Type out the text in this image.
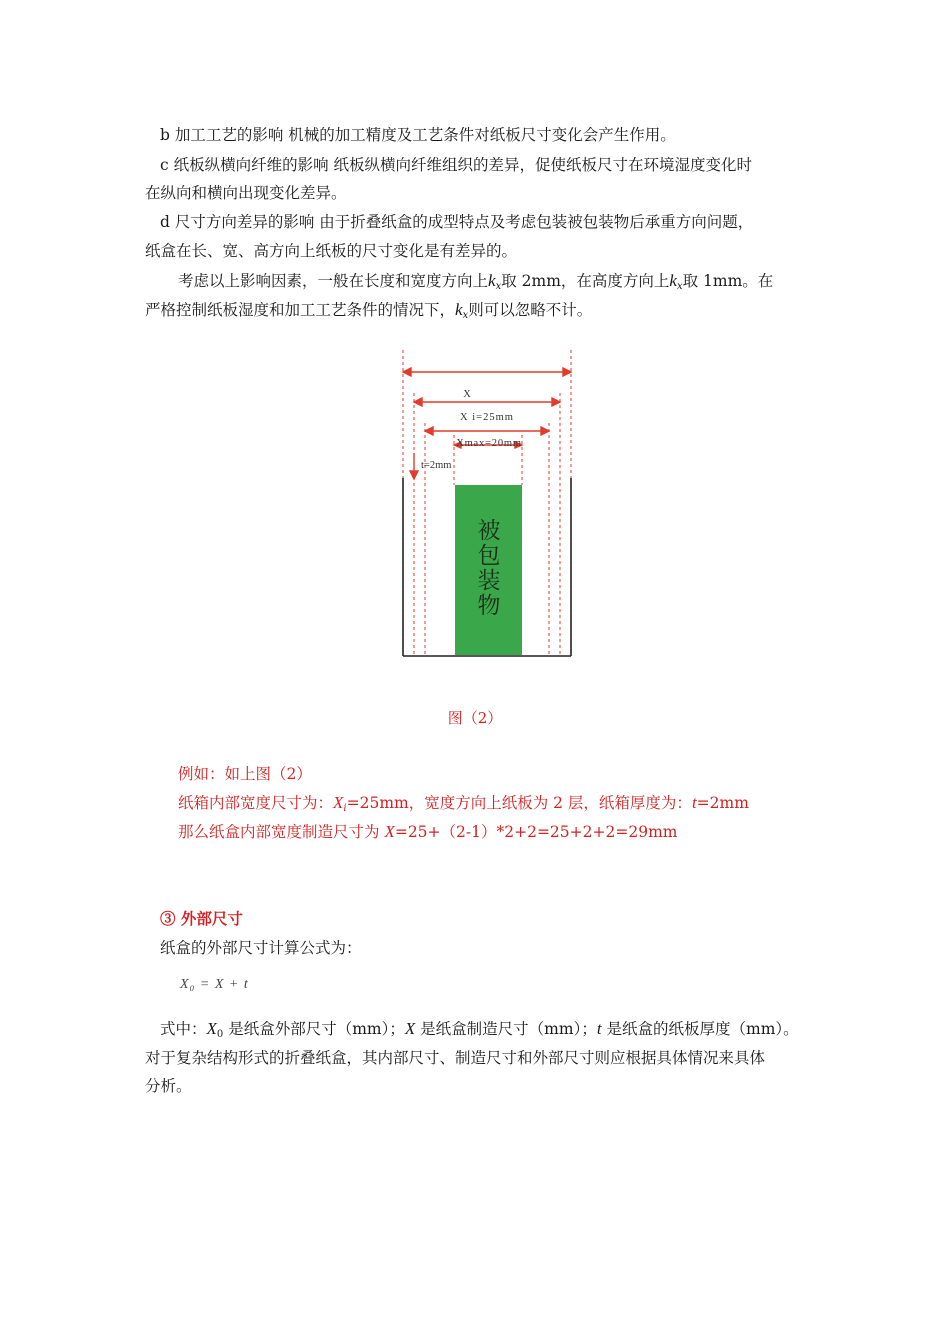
b 加工工艺的影响 机械的加工精度及工艺条件对纸板尺寸变化会产生作用。
c 纸板纵横向纤维的影响 纸板纵横向纤维组织的差异，促使纸板尺寸在环境湿度变化时
在纵向和横向出现变化差异。
d 尺寸方向差异的影响 由于折叠纸盒的成型特点及考虑包装被包装物后承重方向问题，
纸盒在长、宽、高方向上纸板的尺寸变化是有差异的。
考虑以上影响因素，一般在长度和宽度方向上$k_x$取 2mm，在高度方向上$k_x$取 1mm。在
严格控制纸板湿度和加工工艺条件的情况下，$k_x$则可以忽略不计。
X
X i=25mm
Xmax=20mm
t=2mm
被
包
装
物
图（2）
例如：如上图（2）
纸箱内部宽度尺寸为：$X_i=25mm$，宽度方向上纸板为 2 层，纸箱厚度为：t=2mm
那么纸盒内部宽度制造尺寸为 X=25+（2-1）*2+2=25+2+2=29mm
③ 外部尺寸
纸盒的外部尺寸计算公式为：
X₀ = X + t
式中：$X_0$ 是纸盒外部尺寸（mm）；X 是纸盒制造尺寸（mm）；t 是纸盒的纸板厚度（mm）。
对于复杂结构形式的折叠纸盒，其内部尺寸、制造尺寸和外部尺寸则应根据具体情况来具体
分析。
